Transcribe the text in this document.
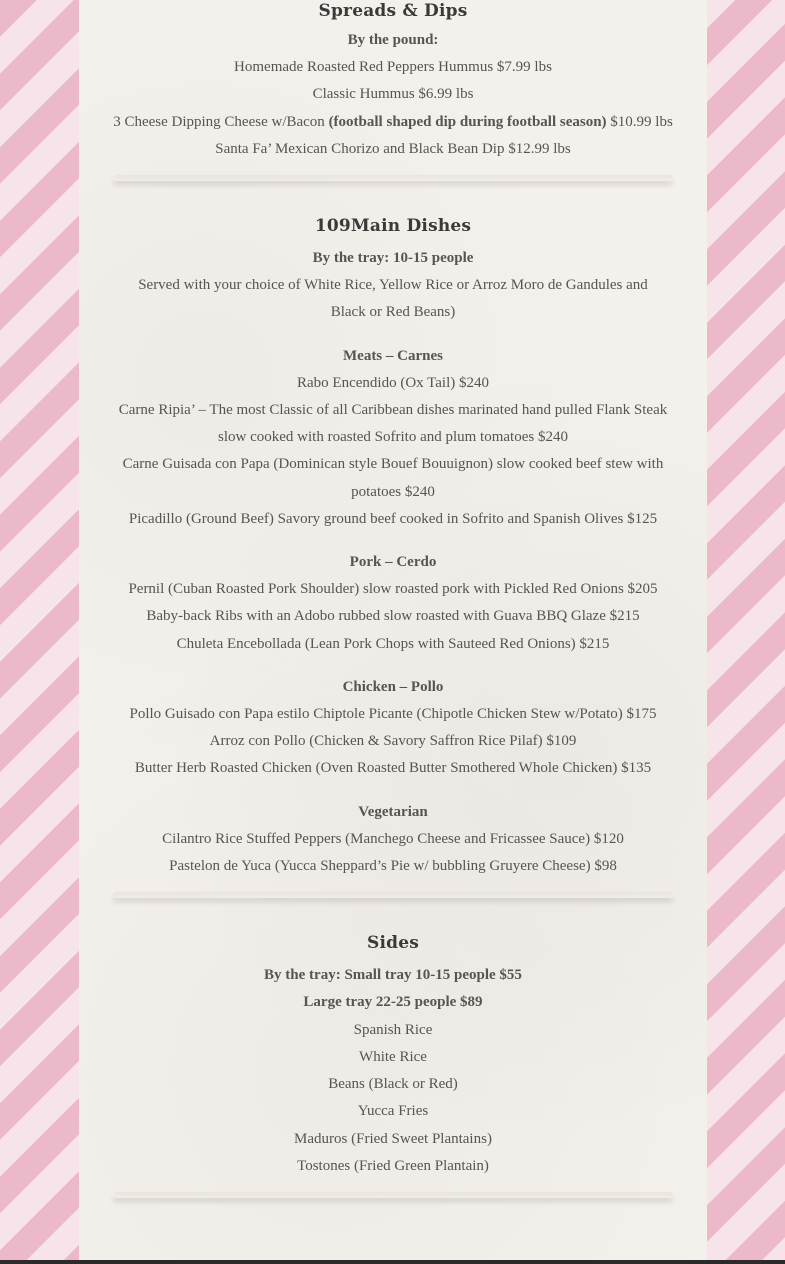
Spreads & Dips

By the pound:

Homemade Roasted Red Peppers Hummus $7.99 lbs

Classic Hummus $6.99 lbs

3 Cheese Dipping Cheese w/Bacon (football shaped dip during football season) $10.99 lbs

Santa Fa’ Mexican Chorizo and Black Bean Dip $12.99 lbs

109Main Dishes

By the tray: 10-15 people

Served with your choice of White Rice, Yellow Rice or Arroz Moro de Gandules and Black or Red Beans)

Meats – Carnes

Rabo Encendido (Ox Tail) $240

Carne Ripia’ – The most Classic of all Caribbean dishes marinated hand pulled Flank Steak slow cooked with roasted Sofrito and plum tomatoes $240

Carne Guisada con Papa (Dominican style Bouef Bouuignon) slow cooked beef stew with potatoes $240

Picadillo (Ground Beef) Savory ground beef cooked in Sofrito and Spanish Olives $125

Pork – Cerdo

Pernil (Cuban Roasted Pork Shoulder) slow roasted pork with Pickled Red Onions $205

Baby-back Ribs with an Adobo rubbed slow roasted with Guava BBQ Glaze $215

Chuleta Encebollada (Lean Pork Chops with Sauteed Red Onions) $215

Chicken – Pollo

Pollo Guisado con Papa estilo Chiptole Picante (Chipotle Chicken Stew w/Potato) $175

Arroz con Pollo (Chicken & Savory Saffron Rice Pilaf) $109

Butter Herb Roasted Chicken (Oven Roasted Butter Smothered Whole Chicken) $135

Vegetarian

Cilantro Rice Stuffed Peppers (Manchego Cheese and Fricassee Sauce) $120

Pastelon de Yuca (Yucca Sheppard’s Pie w/ bubbling Gruyere Cheese) $98

Sides

By the tray: Small tray 10-15 people $55

Large tray 22-25 people $89

Spanish Rice

White Rice

Beans (Black or Red)

Yucca Fries

Maduros (Fried Sweet Plantains)

Tostones (Fried Green Plantain)
